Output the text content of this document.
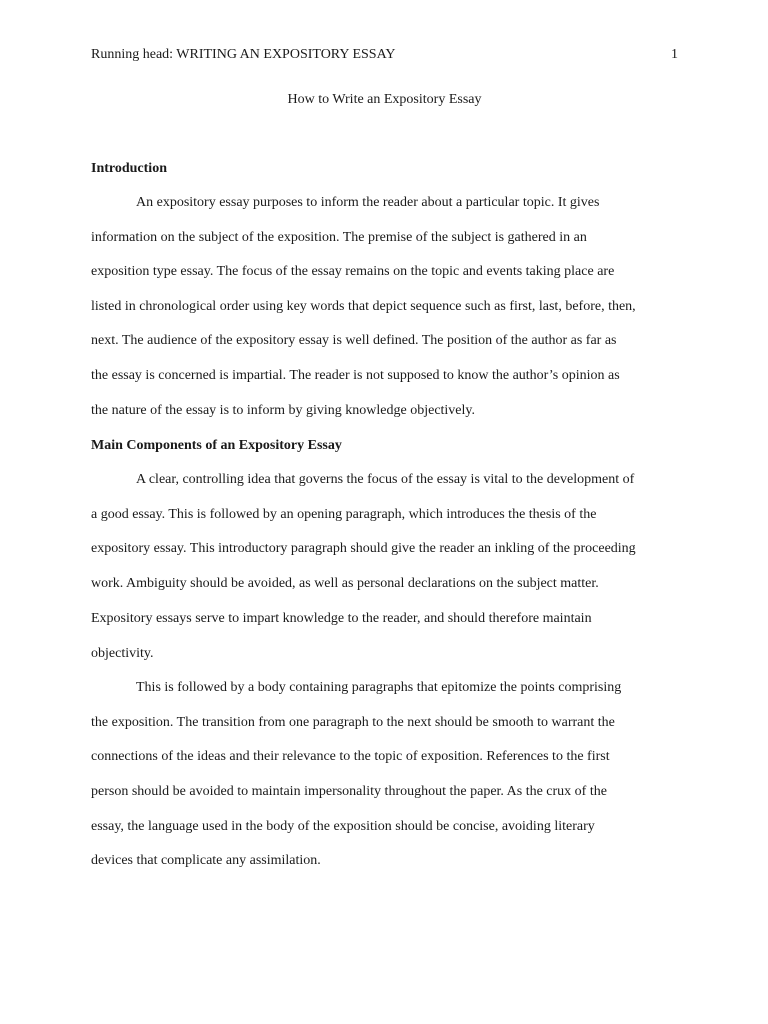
Running head: WRITING AN EXPOSITORY ESSAY	1
How to Write an Expository Essay
Introduction
An expository essay purposes to inform the reader about a particular topic. It gives
information on the subject of the exposition. The premise of the subject is gathered in an
exposition type essay. The focus of the essay remains on the topic and events taking place are
listed in chronological order using key words that depict sequence such as first, last, before, then,
next. The audience of the expository essay is well defined. The position of the author as far as
the essay is concerned is impartial. The reader is not supposed to know the author’s opinion as
the nature of the essay is to inform by giving knowledge objectively.
Main Components of an Expository Essay
A clear, controlling idea that governs the focus of the essay is vital to the development of
a good essay. This is followed by an opening paragraph, which introduces the thesis of the
expository essay. This introductory paragraph should give the reader an inkling of the proceeding
work. Ambiguity should be avoided, as well as personal declarations on the subject matter.
Expository essays serve to impart knowledge to the reader, and should therefore maintain
objectivity.
This is followed by a body containing paragraphs that epitomize the points comprising
the exposition. The transition from one paragraph to the next should be smooth to warrant the
connections of the ideas and their relevance to the topic of exposition. References to the first
person should be avoided to maintain impersonality throughout the paper. As the crux of the
essay, the language used in the body of the exposition should be concise, avoiding literary
devices that complicate any assimilation.
